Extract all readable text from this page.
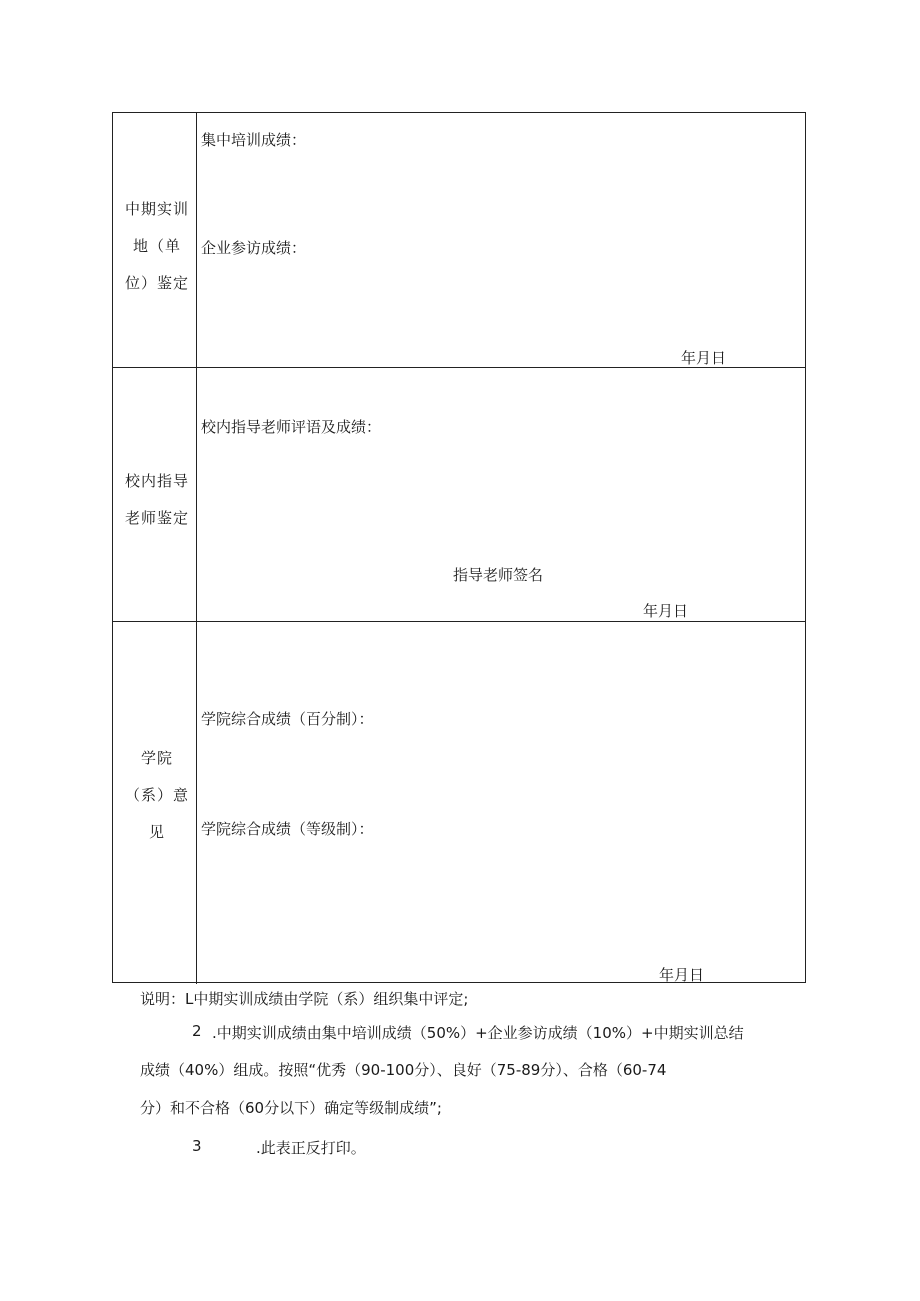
中期实训地（单位）鉴定
集中培训成绩：
企业参访成绩：
年月日
校内指导老师鉴定
校内指导老师评语及成绩：
指导老师签名
年月日
学院（系）意见
学院综合成绩（百分制）：
学院综合成绩（等级制）：
年月日

说明：L中期实训成绩由学院（系）组织集中评定;

2 .中期实训成绩由集中培训成绩（50%）+企业参访成绩（10%）+中期实训总结

成绩（40%）组成。按照“优秀（90-100分）、良好（75-89分）、合格（60-74

分）和不合格（60分以下）确定等级制成绩”;

3	.此表正反打印。
